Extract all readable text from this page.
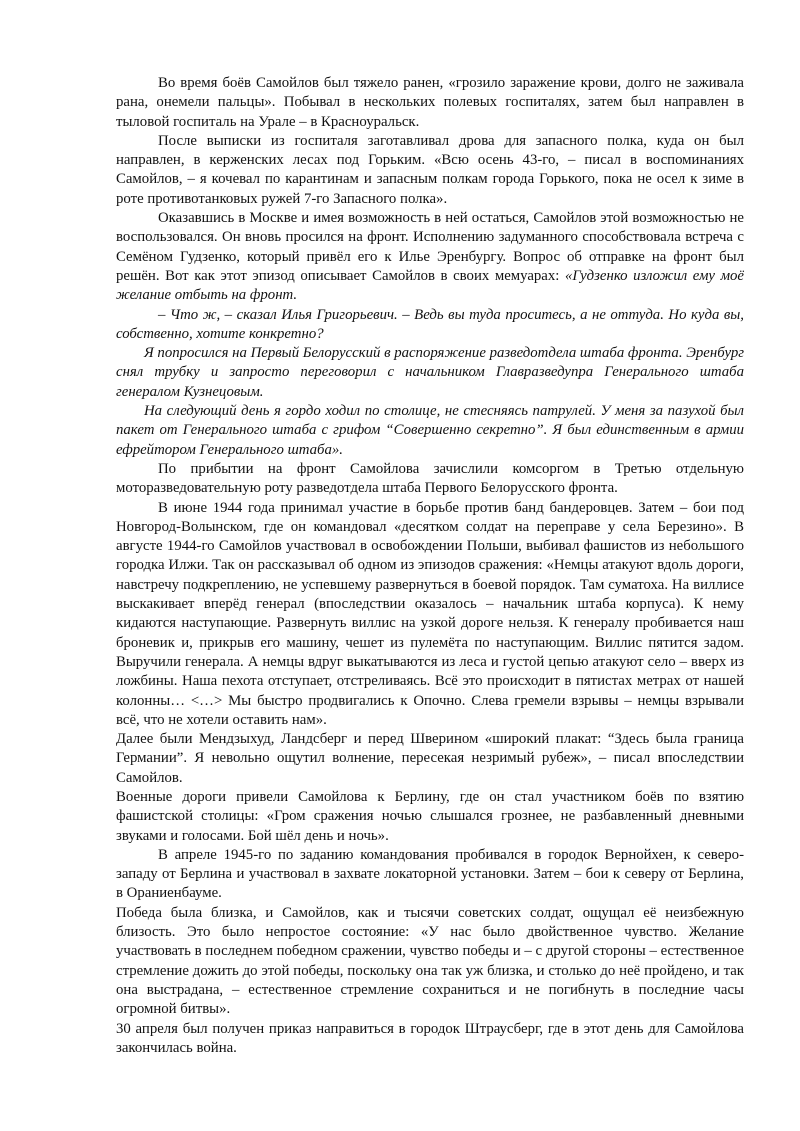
Во время боёв Самойлов был тяжело ранен, «грозило заражение крови, долго не заживала рана, онемели пальцы». Побывал в нескольких полевых госпиталях, затем был направлен в тыловой госпиталь на Урале – в Красноуральск.

После выписки из госпиталя заготавливал дрова для запасного полка, куда он был направлен, в керженских лесах под Горьким. «Всю осень 43-го, – писал в воспоминаниях Самойлов, – я кочевал по карантинам и запасным полкам города Горького, пока не осел к зиме в роте противотанковых ружей 7-го Запасного полка».

Оказавшись в Москве и имея возможность в ней остаться, Самойлов этой возможностью не воспользовался. Он вновь просился на фронт. Исполнению задуманного способствовала встреча с Семёном Гудзенко, который привёл его к Илье Эренбургу. Вопрос об отправке на фронт был решён. Вот как этот эпизод описывает Самойлов в своих мемуарах: «Гудзенко изложил ему моё желание отбыть на фронт.

– Что ж, – сказал Илья Григорьевич. – Ведь вы туда проситесь, а не оттуда. Но куда вы, собственно, хотите конкретно?

Я попросился на Первый Белорусский в распоряжение разведотдела штаба фронта. Эренбург снял трубку и запросто переговорил с начальником Главразведупра Генерального штаба генералом Кузнецовым.

На следующий день я гордо ходил по столице, не стесняясь патрулей. У меня за пазухой был пакет от Генерального штаба с грифом “Совершенно секретно”. Я был единственным в армии ефрейтором Генерального штаба».

По прибытии на фронт Самойлова зачислили комсоргом в Третью отдельную моторазведовательную роту разведотдела штаба Первого Белорусского фронта.

В июне 1944 года принимал участие в борьбе против банд бандеровцев. Затем – бои под Новгород-Волынском, где он командовал «десятком солдат на переправе у села Березино». В августе 1944-го Самойлов участвовал в освобождении Польши, выбивал фашистов из небольшого городка Илжи. Так он рассказывал об одном из эпизодов сражения: «Немцы атакуют вдоль дороги, навстречу подкреплению, не успевшему развернуться в боевой порядок. Там суматоха. На виллисе выскакивает вперёд генерал (впоследствии оказалось – начальник штаба корпуса). К нему кидаются наступающие. Развернуть виллис на узкой дороге нельзя. К генералу пробивается наш броневик и, прикрыв его машину, чешет из пулемёта по наступающим. Виллис пятится задом. Выручили генерала. А немцы вдруг выкатываются из леса и густой цепью атакуют село – вверх из ложбины. Наша пехота отступает, отстреливаясь. Всё это происходит в пятистах метрах от нашей колонны… <…> Мы быстро продвигались к Опочно. Слева гремели взрывы – немцы взрывали всё, что не хотели оставить нам».

Далее были Мендзыхуд, Ландсберг и перед Шверином «широкий плакат: “Здесь была граница Германии”. Я невольно ощутил волнение, пересекая незримый рубеж», – писал впоследствии Самойлов.

Военные дороги привели Самойлова к Берлину, где он стал участником боёв по взятию фашистской столицы: «Гром сражения ночью слышался грознее, не разбавленный дневными звуками и голосами. Бой шёл день и ночь».

В апреле 1945-го по заданию командования пробивался в городок Вернойхен, к северо-западу от Берлина и участвовал в захвате локаторной установки. Затем – бои к северу от Берлина, в Ораниенбауме.

Победа была близка, и Самойлов, как и тысячи советских солдат, ощущал её неизбежную близость. Это было непростое состояние: «У нас было двойственное чувство. Желание участвовать в последнем победном сражении, чувство победы и – с другой стороны – естественное стремление дожить до этой победы, поскольку она так уж близка, и столько до неё пройдено, и так она выстрадана, – естественное стремление сохраниться и не погибнуть в последние часы огромной битвы».

30 апреля был получен приказ направиться в городок Штраусберг, где в этот день для Самойлова закончилась война.
